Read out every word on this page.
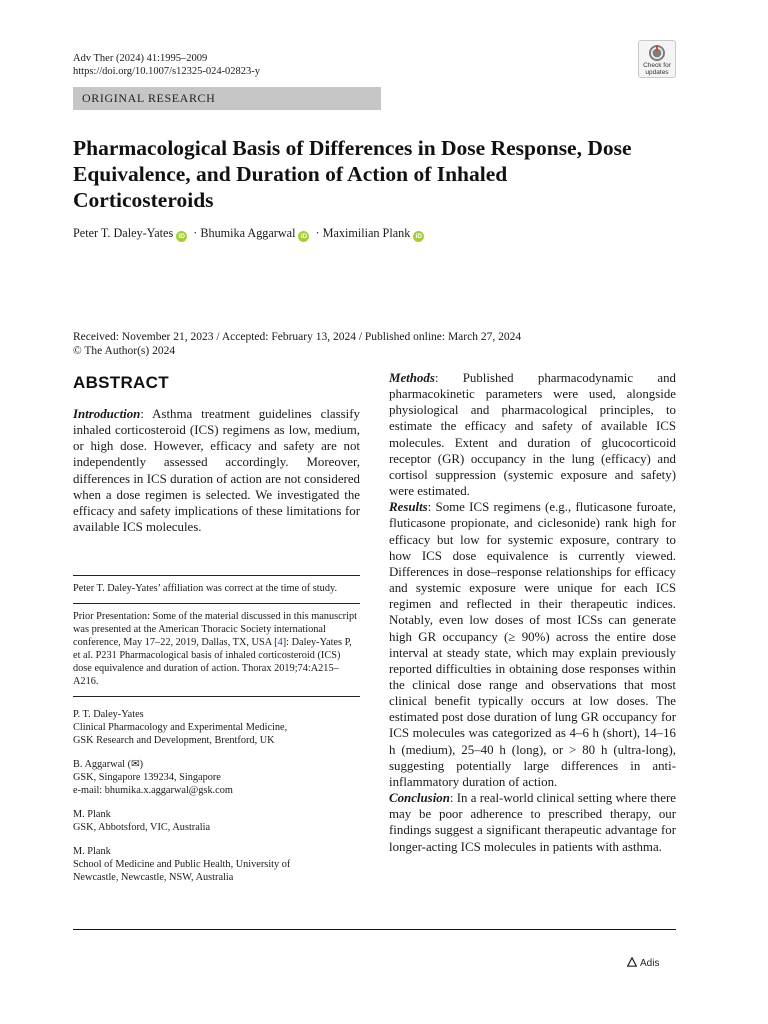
Adv Ther (2024) 41:1995–2009
https://doi.org/10.1007/s12325-024-02823-y
Check for
updates
ORIGINAL RESEARCH
Pharmacological Basis of Differences in Dose Response, Dose Equivalence, and Duration of Action of Inhaled Corticosteroids
Peter T. Daley-Yates iD · Bhumika Aggarwal iD · Maximilian Plank iD
Received: November 21, 2023 / Accepted: February 13, 2024 / Published online: March 27, 2024
© The Author(s) 2024
ABSTRACT

Introduction: Asthma treatment guidelines classify inhaled corticosteroid (ICS) regimens as low, medium, or high dose. However, efficacy and safety are not independently assessed accordingly. Moreover, differences in ICS duration of action are not considered when a dose regimen is selected. We investigated the efficacy and safety implications of these limitations for available ICS molecules.

Peter T. Daley-Yates’ affiliation was correct at the time of study.

Prior Presentation: Some of the material discussed in this manuscript was presented at the American Thoracic Society international conference, May 17–22, 2019, Dallas, TX, USA [4]: Daley-Yates P, et al. P231 Pharmacological basis of inhaled corticosteroid (ICS) dose equivalence and duration of action. Thorax 2019;74:A215–A216.

P. T. Daley-Yates
Clinical Pharmacology and Experimental Medicine,
GSK Research and Development, Brentford, UK
B. Aggarwal (✉)
GSK, Singapore 139234, Singapore
e-mail: bhumika.x.aggarwal@gsk.com
M. Plank
GSK, Abbotsford, VIC, Australia
M. Plank
School of Medicine and Public Health, University of
Newcastle, Newcastle, NSW, Australia

Methods: Published pharmacodynamic and pharmacokinetic parameters were used, alongside physiological and pharmacological principles, to estimate the efficacy and safety of available ICS molecules. Extent and duration of glucocorticoid receptor (GR) occupancy in the lung (efficacy) and cortisol suppression (systemic exposure and safety) were estimated.

Results: Some ICS regimens (e.g., fluticasone furoate, fluticasone propionate, and ciclesonide) rank high for efficacy but low for systemic exposure, contrary to how ICS dose equivalence is currently viewed. Differences in dose–response relationships for efficacy and systemic exposure were unique for each ICS regimen and reflected in their therapeutic indices. Notably, even low doses of most ICSs can generate high GR occupancy (≥ 90%) across the entire dose interval at steady state, which may explain previously reported difficulties in obtaining dose responses within the clinical dose range and observations that most clinical benefit typically occurs at low doses. The estimated post dose duration of lung GR occupancy for ICS molecules was categorized as 4–6 h (short), 14–16 h (medium), 25–40 h (long), or > 80 h (ultra-long), suggesting potentially large differences in anti-inflammatory duration of action.

Conclusion: In a real-world clinical setting where there may be poor adherence to prescribed therapy, our findings suggest a significant therapeutic advantage for longer-acting ICS molecules in patients with asthma.

Adis
